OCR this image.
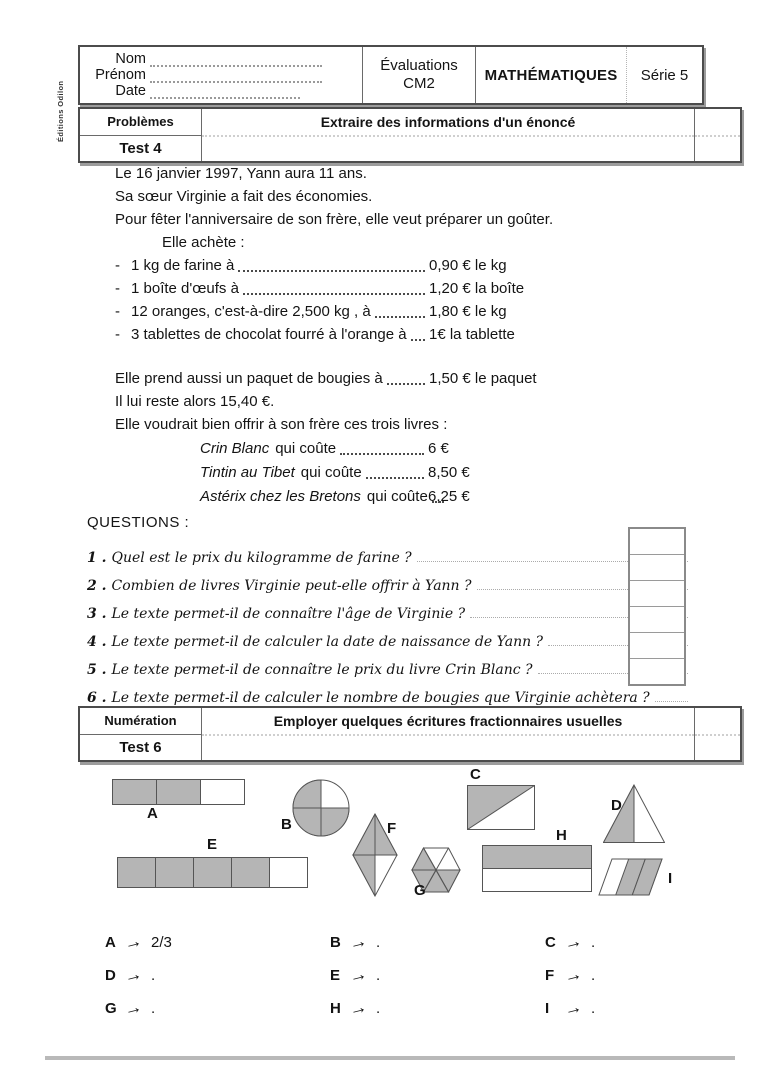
Éditions Odilon
Nom
Prénom
Date
Évaluations
CM2	MATHÉMATIQUES	Série 5
Problèmes
Test 4
Extraire des informations d'un énoncé
Le 16 janvier 1997, Yann aura 11 ans.
Sa sœur Virginie a fait des économies.
Pour fêter l'anniversaire de son frère, elle veut préparer un goûter.
Elle achète :
- 1 kg de farine à	0,90 € le kg
- 1 boîte d'œufs à	1,20 € la boîte
- 12 oranges, c'est-à-dire 2,500 kg , à	1,80 € le kg
- 3 tablettes de chocolat fourré à l'orange à 1€ la tablette
Elle prend aussi un paquet de bougies à	1,50 € le paquet
Il lui reste alors 15,40 €.
Elle voudrait bien offrir à son frère ces trois livres :
Crin Blanc qui coûte	6 €
Tintin au Tibet qui coûte	8,50 €
Astérix chez les Bretons qui coûte 6,25 €
QUESTIONS :
1 . Quel est le prix du kilogramme de farine ?
2 . Combien de livres Virginie peut-elle offrir à Yann ?
3 . Le texte permet-il de connaître l'âge de Virginie ?
4 . Le texte permet-il de calculer la date de naissance de Yann ?
5 . Le texte permet-il de connaître le prix du livre Crin Blanc ?
6 . Le texte permet-il de calculer le nombre de bougies que Virginie achètera ?
Numération
Test 6
Employer quelques écritures fractionnaires usuelles
A
B
C
D
E
F
G
H
I
A → 2/3	B → .	C → .
D → .	E → .	F → .
G → .	H → .	I → .
